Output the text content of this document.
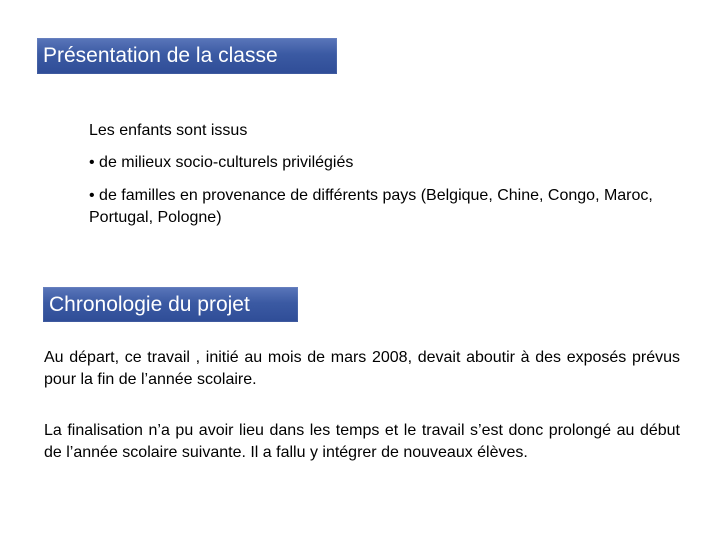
Présentation de la classe

Les enfants sont issus

• de milieux socio-culturels privilégiés

• de familles en provenance de différents pays (Belgique, Chine, Congo, Maroc, Portugal, Pologne)

Chronologie du projet

Au départ, ce travail , initié au mois de mars 2008, devait aboutir à des exposés prévus pour la fin de l’année scolaire.

La finalisation n’a pu avoir lieu dans les temps et le travail s’est donc prolongé au début de l’année scolaire suivante. Il a fallu y intégrer de nouveaux élèves.
